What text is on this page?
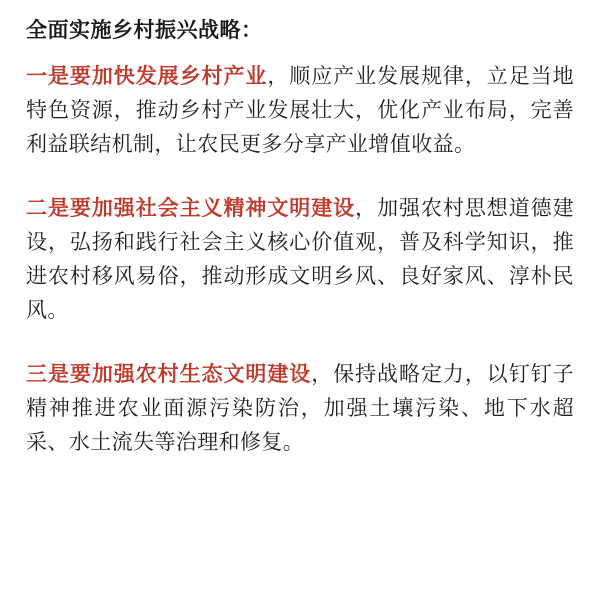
全面实施乡村振兴战略：

一是要加快发展乡村产业，顺应产业发展规律，立足当地特色资源，推动乡村产业发展壮大，优化产业布局，完善利益联结机制，让农民更多分享产业增值收益。

二是要加强社会主义精神文明建设，加强农村思想道德建设，弘扬和践行社会主义核心价值观，普及科学知识，推进农村移风易俗，推动形成文明乡风、良好家风、淳朴民风。

三是要加强农村生态文明建设，保持战略定力，以钉钉子精神推进农业面源污染防治，加强土壤污染、地下水超采、水土流失等治理和修复。
